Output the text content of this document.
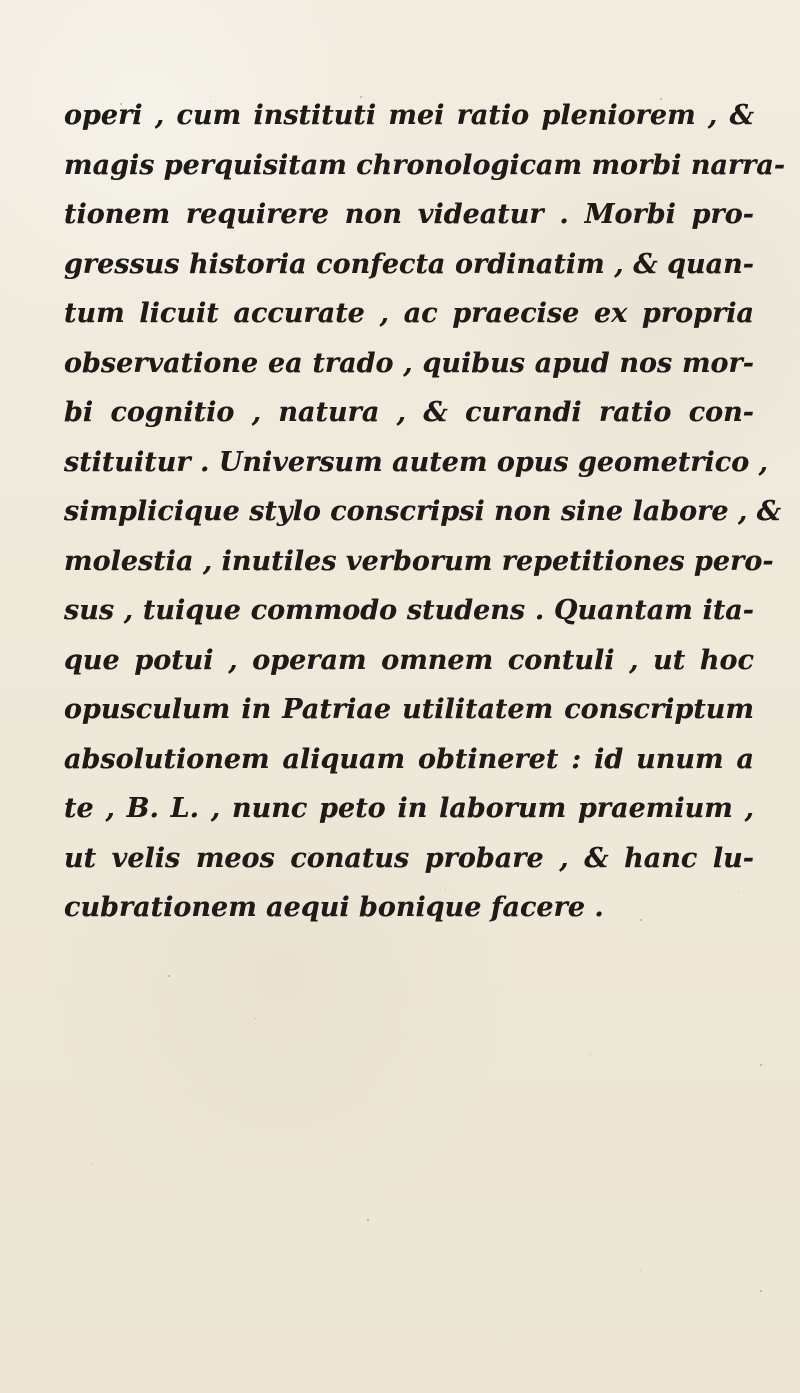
operi , cum instituti mei ratio pleniorem , &
magis perquisitam chronologicam morbi narra-
tionem requirere non videatur . Morbi pro-
gressus historia confecta ordinatim , & quan-
tum licuit accurate , ac praecise ex propria
observatione ea trado , quibus apud nos mor-
bi cognitio , natura , & curandi ratio con-
stituitur . Universum autem opus geometrico ,
simplicique stylo conscripsi non sine labore , &
molestia , inutiles verborum repetitiones pero-
sus , tuique commodo studens . Quantam ita-
que potui , operam omnem contuli , ut hoc
opusculum in Patriae utilitatem conscriptum
absolutionem aliquam obtineret : id unum a
te , B. L. , nunc peto in laborum praemium ,
ut velis meos conatus probare , & hanc lu-
cubrationem aequi bonique facere .
